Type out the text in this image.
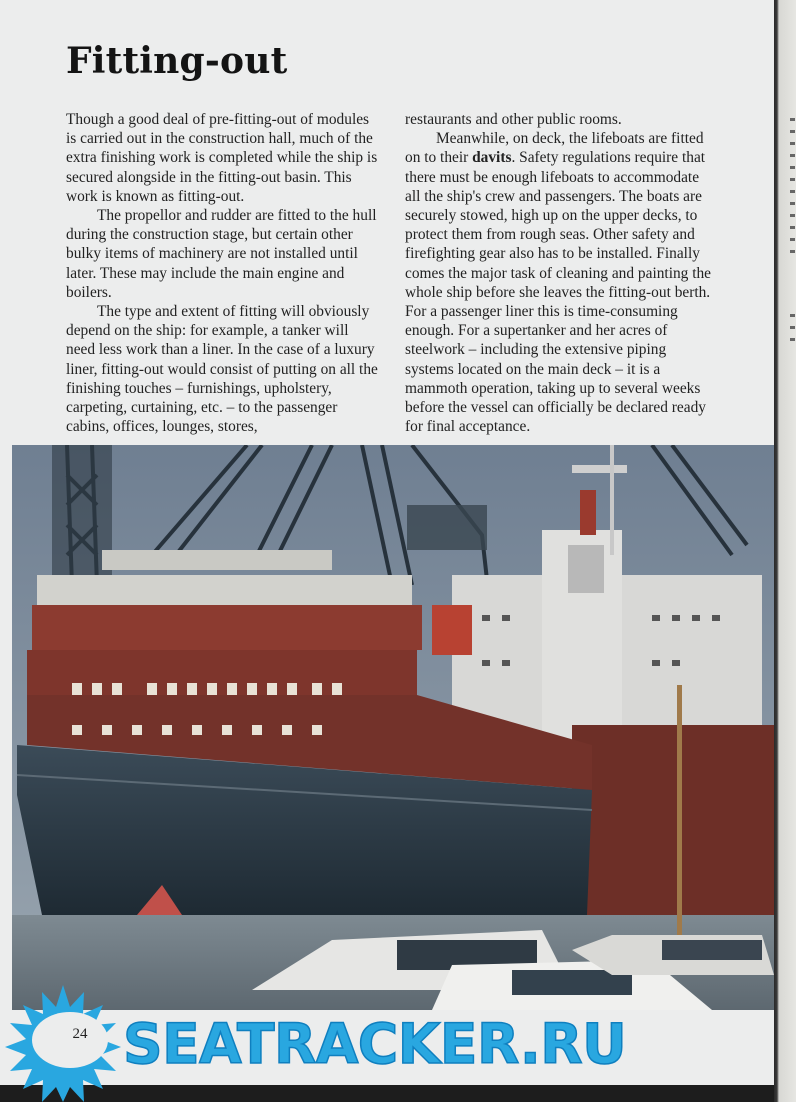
Fitting-out

Though a good deal of pre-fitting-out of modules is carried out in the construction hall, much of the extra finishing work is completed while the ship is secured alongside in the fitting-out basin. This work is known as fitting-out.

The propellor and rudder are fitted to the hull during the construction stage, but certain other bulky items of machinery are not installed until later. These may include the main engine and boilers.

The type and extent of fitting will obviously depend on the ship: for example, a tanker will need less work than a liner. In the case of a luxury liner, fitting-out would consist of putting on all the finishing touches – furnishings, upholstery, carpeting, curtaining, etc. – to the passenger cabins, offices, lounges, stores,

restaurants and other public rooms.

Meanwhile, on deck, the lifeboats are fitted on to their davits. Safety regulations require that there must be enough lifeboats to accommodate all the ship's crew and passengers. The boats are securely stowed, high up on the upper decks, to protect them from rough seas. Other safety and firefighting gear also has to be installed. Finally comes the major task of cleaning and painting the whole ship before she leaves the fitting-out berth. For a passenger liner this is time-consuming enough. For a supertanker and her acres of steelwork – including the extensive piping systems located on the main deck – it is a mammoth operation, taking up to several weeks before the vessel can officially be declared ready for final acceptance.

24 SEATRACKER.RU
